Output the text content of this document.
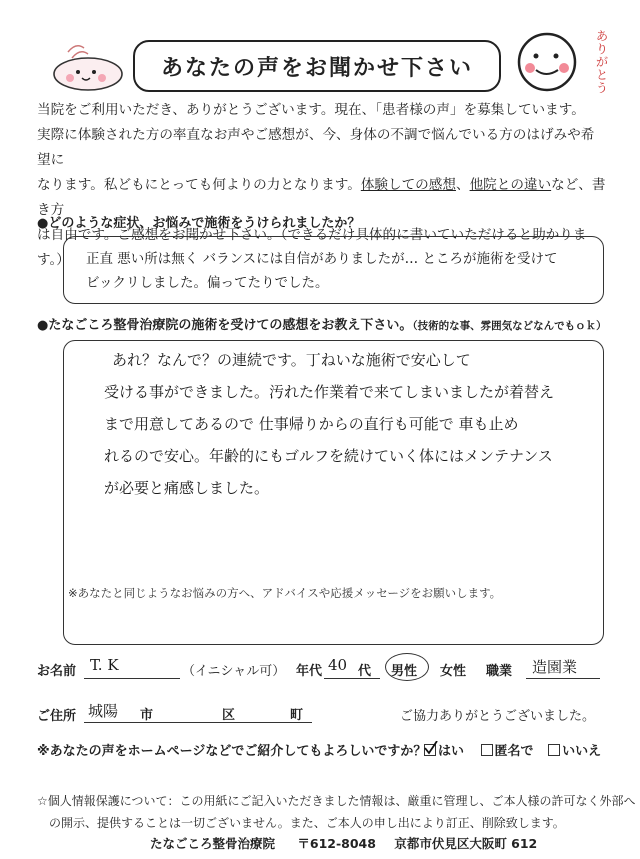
あなたの声をお聞かせ下さい
ありがとう
当院をご利用いただき、ありがとうございます。現在、「患者様の声」を募集しています。
実際に体験された方の率直なお声やご感想が、今、身体の不調で悩んでいる方のはげみや希望に
なります。私どもにとっても何よりの力となります。体験しての感想、他院との違いなど、書き方
は自由です。ご感想をお聞かせ下さい。（できるだけ具体的に書いていただけると助かります。）
●どのような症状、お悩みで施術をうけられましたか？
正直 悪い所は無く バランスには自信がありましたが… ところが施術を受けて
ビックリしました。偏ってたりでした。
●たなごころ整骨治療院の施術を受けての感想をお教え下さい。（技術的な事、雰囲気などなんでもｏｋ）
あれ？なんで？の連続です。丁ねいな施術で安心して
受ける事ができました。汚れた作業着で来てしまいましたが着替え
まで用意してあるので 仕事帰りからの直行も可能で 車も止め
れるので安心。年齢的にもゴルフを続けていく体にはメンテナンス
が必要と痛感しました。
※あなたと同じようなお悩みの方へ、アドバイスや応援メッセージをお願いします。
お名前 T. K	（イニシャル可） 年代 40 代 男性 女性 職業 造園業
ご住所 城陽 市	区	町	ご協力ありがとうございました。
※あなたの声をホームページなどでご紹介してもよろしいですか？ はい 匿名で いいえ
☆個人情報保護について：この用紙にご記入いただきました情報は、厳重に管理し、ご本人様の許可なく外部へ
の開示、提供することは一切ございません。また、ご本人の申し出により訂正、削除致します。
たなごころ整骨治療院 〒612-8048 京都市伏見区大阪町 612
